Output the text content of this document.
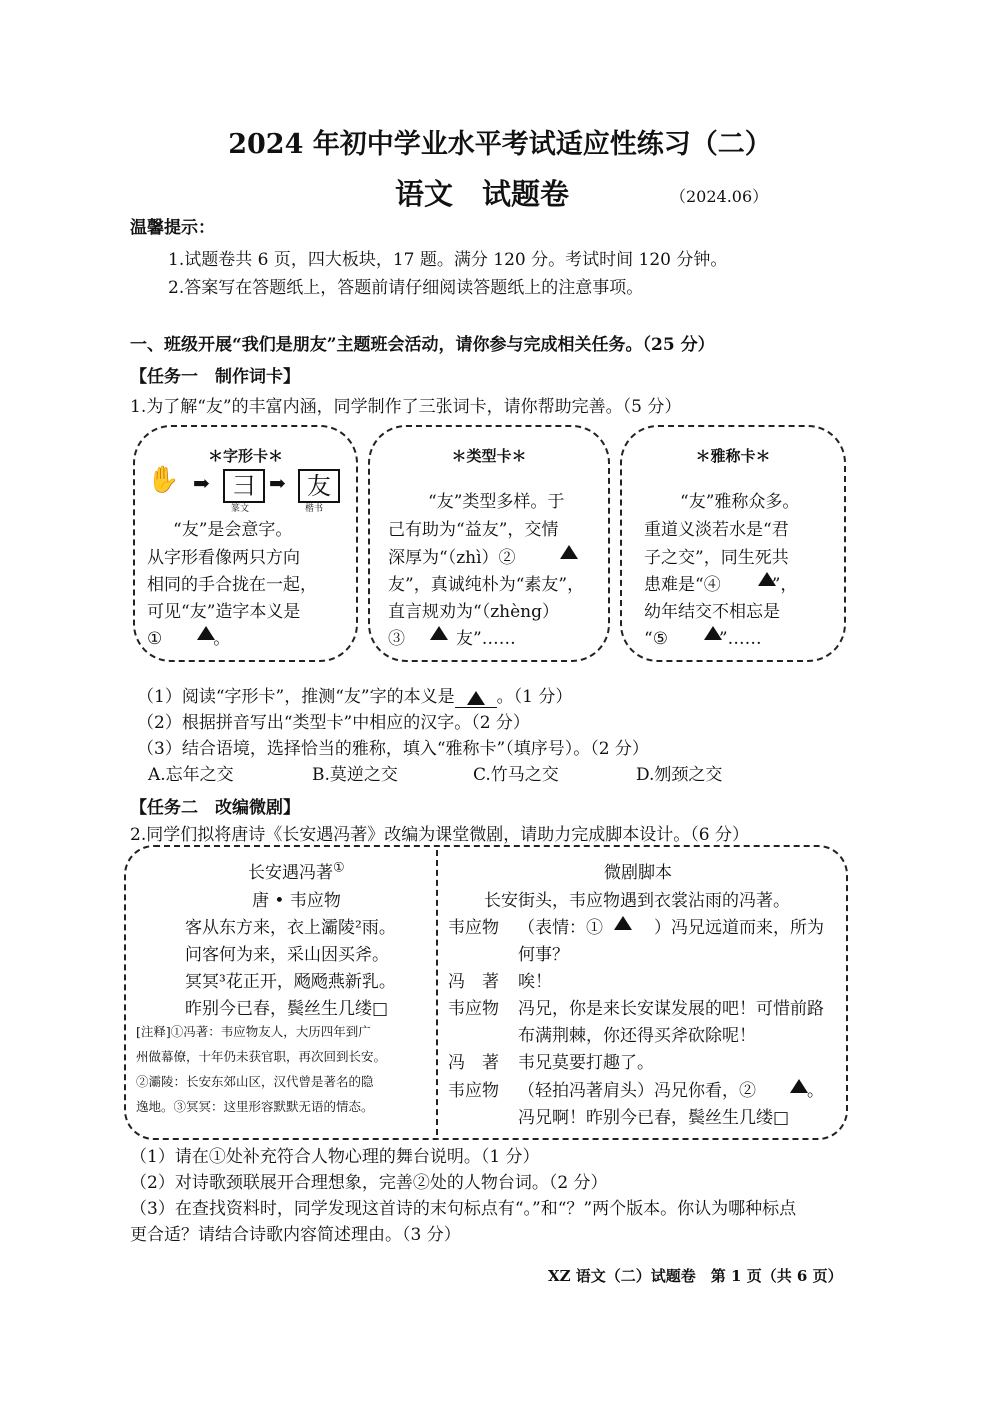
2024 年初中学业水平考试适应性练习（二）
语文　试题卷	（2024.06）
温馨提示：
1.试题卷共 6 页，四大板块，17 题。满分 120 分。考试时间 120 分钟。
2.答案写在答题纸上，答题前请仔细阅读答题纸上的注意事项。
一、班级开展“我们是朋友”主题班会活动，请你参与完成相关任务。（25 分）
【任务一　制作词卡】
1.为了解“友”的丰富内涵，同学制作了三张词卡，请你帮助完善。（5 分）
＊字形卡＊
✋ ➡ 彐 ➡ 友
篆文	楷书
“友”是会意字。
从字形看像两只方向
相同的手合拢在一起，
可见“友”造字本义是
①　　　。
＊类型卡＊
“友”类型多样。于
己有助为“益友”，交情
深厚为“（zhì）②　　　
友”，真诚纯朴为“素友”，
直言规劝为“（zhèng）
③　　　友”……
＊雅称卡＊
“友”雅称众多。
重道义淡若水是“君
子之交”，同生死共
患难是“④　　　”，
幼年结交不相忘是
“⑤　　　”……
（1）阅读“字形卡”，推测“友”字的本义是 。（1 分）
（2）根据拼音写出“类型卡”中相应的汉字。（2 分）
（3）结合语境，选择恰当的雅称，填入“雅称卡”（填序号）。（2 分）
A.忘年之交	B.莫逆之交	C.竹马之交	D.刎颈之交
【任务二　改编微剧】
2.同学们拟将唐诗《长安遇冯著》改编为课堂微剧，请助力完成脚本设计。（6 分）
长安遇冯著①
唐 • 韦应物
客从东方来，衣上灞陵²雨。
问客何为来，采山因买斧。
冥冥³花正开，飏飏燕新乳。
昨别今已春，鬓丝生几缕□
[注释]①冯著：韦应物友人，大历四年到广
州做幕僚，十年仍未获官职，再次回到长安。
②灞陵：长安东郊山区，汉代曾是著名的隐
逸地。③冥冥：这里形容默默无语的情态。
微剧脚本
长安街头，韦应物遇到衣裳沾雨的冯著。
韦应物 （表情：①　　　）冯兄远道而来，所为
何事？
冯　著 唉！
韦应物 冯兄，你是来长安谋发展的吧！可惜前路
布满荆棘，你还得买斧砍除呢！
冯　著 韦兄莫要打趣了。
韦应物 （轻拍冯著肩头）冯兄你看，②　　　。
冯兄啊！昨别今已春，鬓丝生几缕□
（1）请在①处补充符合人物心理的舞台说明。（1 分）
（2）对诗歌颈联展开合理想象，完善②处的人物台词。（2 分）
（3）在查找资料时，同学发现这首诗的末句标点有“。”和“？”两个版本。你认为哪种标点
更合适？请结合诗歌内容简述理由。（3 分）
XZ 语文（二）试题卷　第 1 页（共 6 页）
